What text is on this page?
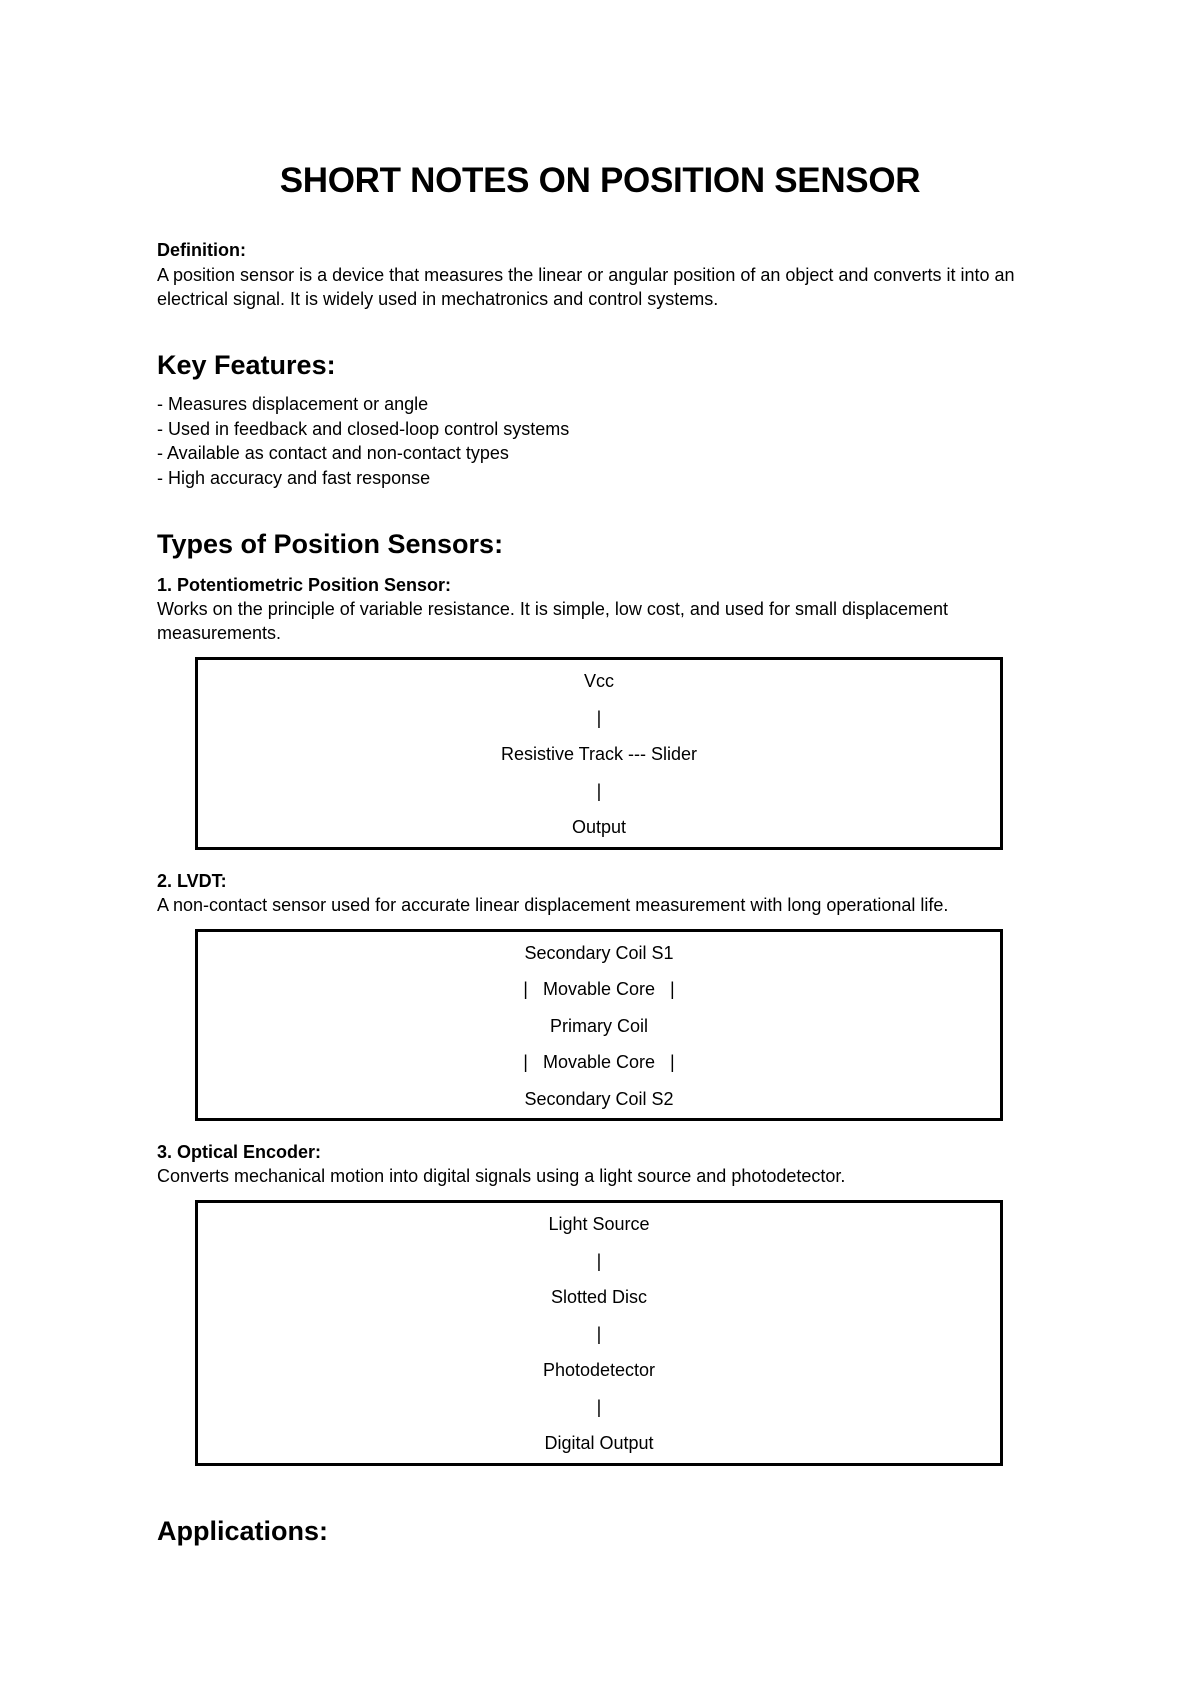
SHORT NOTES ON POSITION SENSOR
Definition:
A position sensor is a device that measures the linear or angular position of an object and converts it into an electrical signal. It is widely used in mechatronics and control systems.
Key Features:
- Measures displacement or angle
- Used in feedback and closed-loop control systems
- Available as contact and non-contact types
- High accuracy and fast response
Types of Position Sensors:
1. Potentiometric Position Sensor:
Works on the principle of variable resistance. It is simple, low cost, and used for small displacement measurements.
Vcc
|
Resistive Track --- Slider
|
Output
2. LVDT:
A non-contact sensor used for accurate linear displacement measurement with long operational life.
Secondary Coil S1
|   Movable Core   |
Primary Coil
|   Movable Core   |
Secondary Coil S2
3. Optical Encoder:
Converts mechanical motion into digital signals using a light source and photodetector.
Light Source
|
Slotted Disc
|
Photodetector
|
Digital Output
Applications:
